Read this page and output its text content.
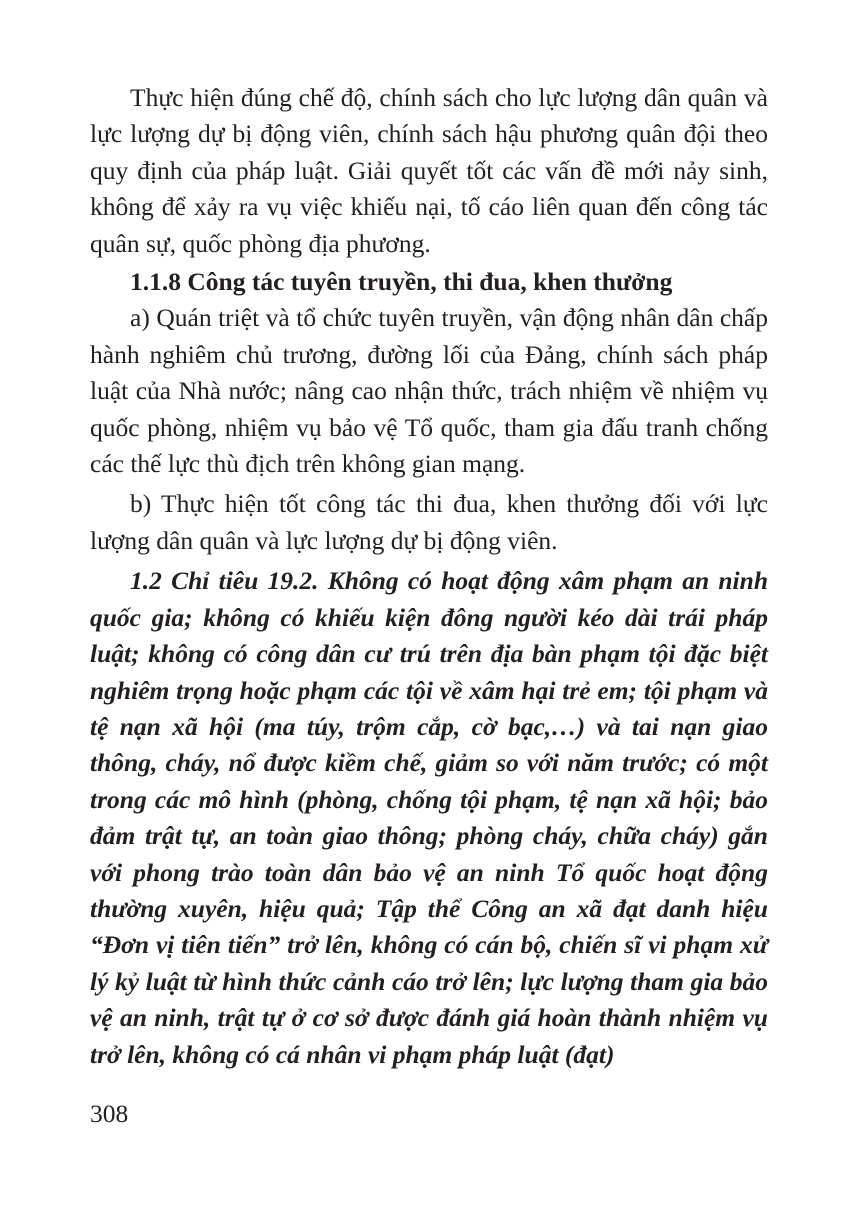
Thực hiện đúng chế độ, chính sách cho lực lượng dân quân và lực lượng dự bị động viên, chính sách hậu phương quân đội theo quy định của pháp luật. Giải quyết tốt các vấn đề mới nảy sinh, không để xảy ra vụ việc khiếu nại, tố cáo liên quan đến công tác quân sự, quốc phòng địa phương.

1.1.8 Công tác tuyên truyền, thi đua, khen thưởng

a) Quán triệt và tổ chức tuyên truyền, vận động nhân dân chấp hành nghiêm chủ trương, đường lối của Đảng, chính sách pháp luật của Nhà nước; nâng cao nhận thức, trách nhiệm về nhiệm vụ quốc phòng, nhiệm vụ bảo vệ Tổ quốc, tham gia đấu tranh chống các thế lực thù địch trên không gian mạng.

b) Thực hiện tốt công tác thi đua, khen thưởng đối với lực lượng dân quân và lực lượng dự bị động viên.

1.2 Chỉ tiêu 19.2. Không có hoạt động xâm phạm an ninh quốc gia; không có khiếu kiện đông người kéo dài trái pháp luật; không có công dân cư trú trên địa bàn phạm tội đặc biệt nghiêm trọng hoặc phạm các tội về xâm hại trẻ em; tội phạm và tệ nạn xã hội (ma túy, trộm cắp, cờ bạc,…) và tai nạn giao thông, cháy, nổ được kiềm chế, giảm so với năm trước; có một trong các mô hình (phòng, chống tội phạm, tệ nạn xã hội; bảo đảm trật tự, an toàn giao thông; phòng cháy, chữa cháy) gắn với phong trào toàn dân bảo vệ an ninh Tổ quốc hoạt động thường xuyên, hiệu quả; Tập thể Công an xã đạt danh hiệu “Đơn vị tiên tiến” trở lên, không có cán bộ, chiến sĩ vi phạm xử lý kỷ luật từ hình thức cảnh cáo trở lên; lực lượng tham gia bảo vệ an ninh, trật tự ở cơ sở được đánh giá hoàn thành nhiệm vụ trở lên, không có cá nhân vi phạm pháp luật (đạt)

308
